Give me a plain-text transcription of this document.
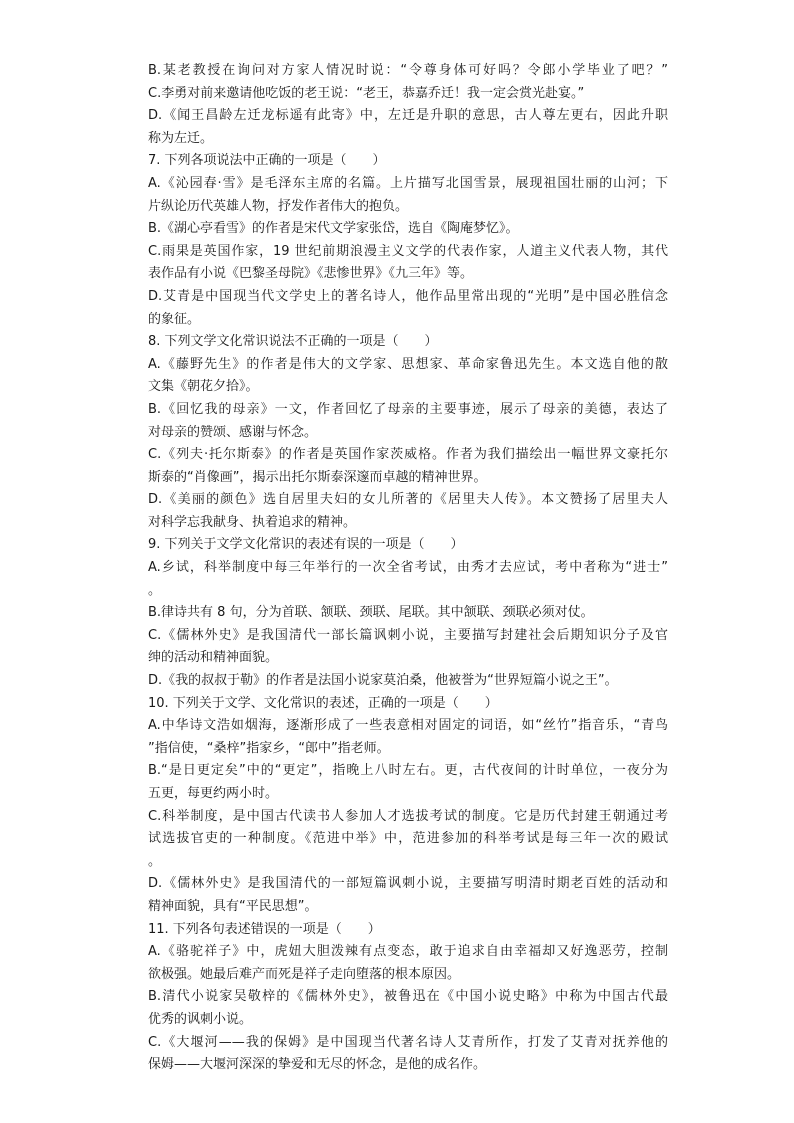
B.某老教授在询问对方家人情况时说：“令尊身体可好吗？令郎小学毕业了吧？”
C.李勇对前来邀请他吃饭的老王说：“老王，恭嘉乔迁！我一定会赏光赴宴。”
D.《闻王昌龄左迁龙标遥有此寄》中，左迁是升职的意思，古人尊左更右，因此升职
称为左迁。
7. 下列各项说法中正确的一项是（　　）
A.《沁园春·雪》是毛泽东主席的名篇。上片描写北国雪景，展现祖国壮丽的山河；下
片纵论历代英雄人物，抒发作者伟大的抱负。
B.《湖心亭看雪》的作者是宋代文学家张岱，选自《陶庵梦忆》。
C.雨果是英国作家，19 世纪前期浪漫主义文学的代表作家，人道主义代表人物，其代
表作品有小说《巴黎圣母院》《悲惨世界》《九三年》等。
D.艾青是中国现当代文学史上的著名诗人，他作品里常出现的“光明”是中国必胜信念
的象征。
8. 下列文学文化常识说法不正确的一项是（　　）
A.《藤野先生》的作者是伟大的文学家、思想家、革命家鲁迅先生。本文选自他的散
文集《朝花夕拾》。
B.《回忆我的母亲》一文，作者回忆了母亲的主要事迹，展示了母亲的美德，表达了
对母亲的赞颂、感谢与怀念。
C.《列夫·托尔斯泰》的作者是英国作家茨威格。作者为我们描绘出一幅世界文豪托尔
斯泰的“肖像画”，揭示出托尔斯泰深邃而卓越的精神世界。
D.《美丽的颜色》选自居里夫妇的女儿所著的《居里夫人传》。本文赞扬了居里夫人
对科学忘我献身、执着追求的精神。
9. 下列关于文学文化常识的表述有误的一项是（　　）
A.乡试，科举制度中每三年举行的一次全省考试，由秀才去应试，考中者称为“进士”
。
B.律诗共有 8 句，分为首联、颔联、颈联、尾联。其中颔联、颈联必须对仗。
C.《儒林外史》是我国清代一部长篇讽刺小说，主要描写封建社会后期知识分子及官
绅的活动和精神面貌。
D.《我的叔叔于勒》的作者是法国小说家莫泊桑，他被誉为“世界短篇小说之王”。
10. 下列关于文学、文化常识的表述，正确的一项是（　　）
A.中华诗文浩如烟海，逐渐形成了一些表意相对固定的词语，如“丝竹”指音乐，“青鸟
”指信使，“桑梓”指家乡，“郎中”指老师。
B.“是日更定矣”中的“更定”，指晚上八时左右。更，古代夜间的计时单位，一夜分为
五更，每更约两小时。
C.科举制度，是中国古代读书人参加人才选拔考试的制度。它是历代封建王朝通过考
试选拔官吏的一种制度。《范进中举》中，范进参加的科举考试是每三年一次的殿试
。
D.《儒林外史》是我国清代的一部短篇讽刺小说，主要描写明清时期老百姓的活动和
精神面貌，具有“平民思想”。
11. 下列各句表述错误的一项是（　　）
A.《骆驼祥子》中，虎妞大胆泼辣有点变态，敢于追求自由幸福却又好逸恶劳，控制
欲极强。她最后难产而死是祥子走向堕落的根本原因。
B.清代小说家吴敬梓的《儒林外史》，被鲁迅在《中国小说史略》中称为中国古代最
优秀的讽刺小说。
C.《大堰河——我的保姆》是中国现当代著名诗人艾青所作，打发了艾青对抚养他的
保姆——大堰河深深的挚爱和无尽的怀念，是他的成名作。
